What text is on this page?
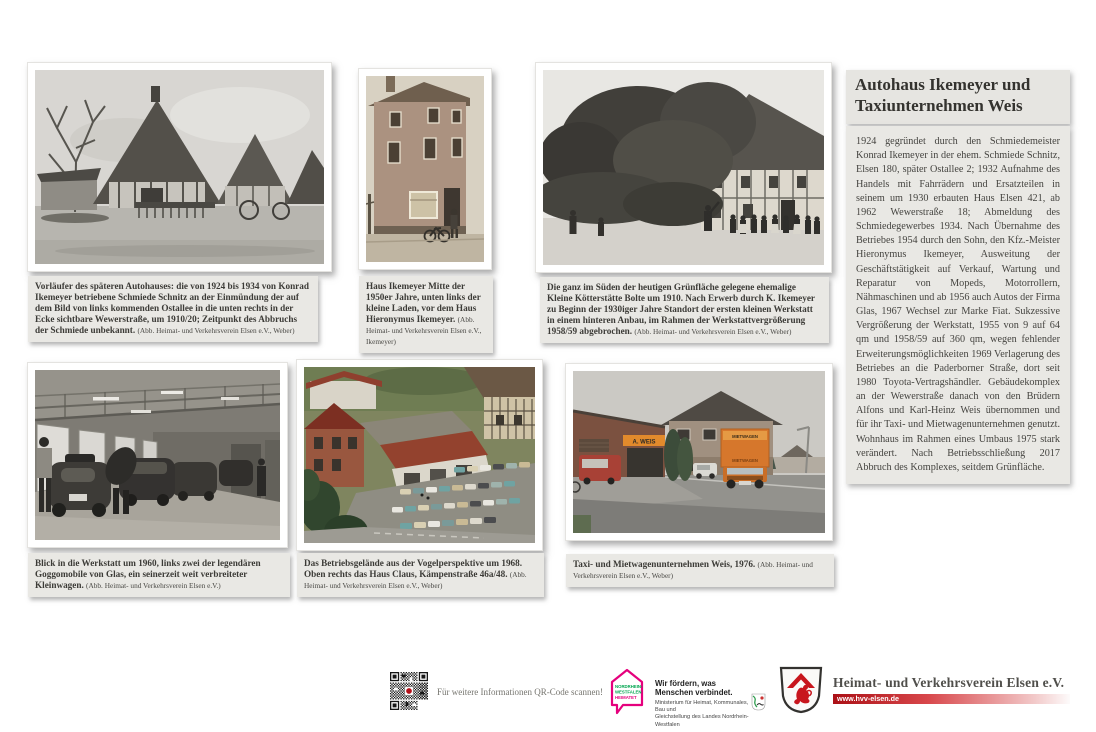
Autohaus Ikemeyer und
Taxiunternehmen Weis
1924 gegründet durch den Schmiedemeister Konrad Ikemeyer in der ehem. Schmiede Schnitz, Elsen 180, später Ostallee 2; 1932 Aufnahme des Handels mit Fahrrädern und Ersatzteilen in seinem um 1930 erbauten Haus Elsen 421, ab 1962 Wewerstraße 18; Abmeldung des Schmiedegewerbes 1934. Nach Übernahme des Betriebes 1954 durch den Sohn, den Kfz.-Meister Hieronymus Ikemeyer, Ausweitung der Geschäftstätigkeit auf Verkauf, Wartung und Reparatur von Mopeds, Motorrollern, Nähmaschinen und ab 1956 auch Autos der Firma Glas, 1967 Wechsel zur Marke Fiat. Sukzessive Vergrößerung der Werkstatt, 1955 von 9 auf 64 qm und 1958/59 auf 360 qm, wegen fehlender Erweiterungsmöglichkeiten 1969 Verlagerung des Betriebes an die Paderborner Straße, dort seit 1980 Toyota-Vertragshändler. Gebäudekomplex an der Wewerstraße danach von den Brüdern Alfons und Karl-Heinz Weis übernommen und für ihr Taxi- und Mietwagenunternehmen genutzt. Wohnhaus im Rahmen eines Umbaus 1975 stark verändert. Nach Betriebsschließung 2017 Abbruch des Komplexes, seitdem Grünfläche.
A. WEIS
MIETWAGEN
MIETWAGEN
Vorläufer des späteren Autohauses: die von 1924 bis 1934 von Konrad Ikemeyer betriebene Schmiede Schnitz an der Einmündung der auf dem Bild von links kommenden Ostallee in die unten rechts in der Ecke sichtbare Wewerstraße, um 1910/20; Zeitpunkt des Abbruchs der Schmiede unbekannt. (Abb. Heimat- und Verkehrsverein Elsen e.V., Weber)
Haus Ikemeyer Mitte der 1950er Jahre, unten links der kleine Laden, vor dem Haus Hieronymus Ikemeyer. (Abb. Heimat- und Verkehrsverein Elsen e.V., Ikemeyer)
Die ganz im Süden der heutigen Grünfläche gelegene ehemalige Kleine Kötterstätte Bolte um 1910. Nach Erwerb durch K. Ikemeyer zu Beginn der 1930iger Jahre Standort der ersten kleinen Werkstatt in einem hinteren Anbau, im Rahmen der Werkstattvergrößerung 1958/59 abgebrochen. (Abb. Heimat- und Verkehrsverein Elsen e.V., Weber)
Blick in die Werkstatt um 1960, links zwei der legendären Goggomobile von Glas, ein seinerzeit weit verbreiteter Kleinwagen. (Abb. Heimat- und Verkehrsverein Elsen e.V.)
Das Betriebsgelände aus der Vogelperspektive um 1968. Oben rechts das Haus Claus, Kämpenstraße 46a/48. (Abb. Heimat- und Verkehrsverein Elsen e.V., Weber)
Taxi- und Mietwagenunternehmen Weis, 1976. (Abb. Heimat- und Verkehrsverein Elsen e.V., Weber)
Für weitere Informationen QR-Code scannen!
NORDRHEIN-
WESTFALEN
HEIMATET
Wir fördern, was Menschen verbindet.
Ministerium für Heimat, Kommunales, Bau und
Gleichstellung des Landes Nordrhein-Westfalen
Heimat- und Verkehrsverein Elsen e.V.
www.hvv-elsen.de
